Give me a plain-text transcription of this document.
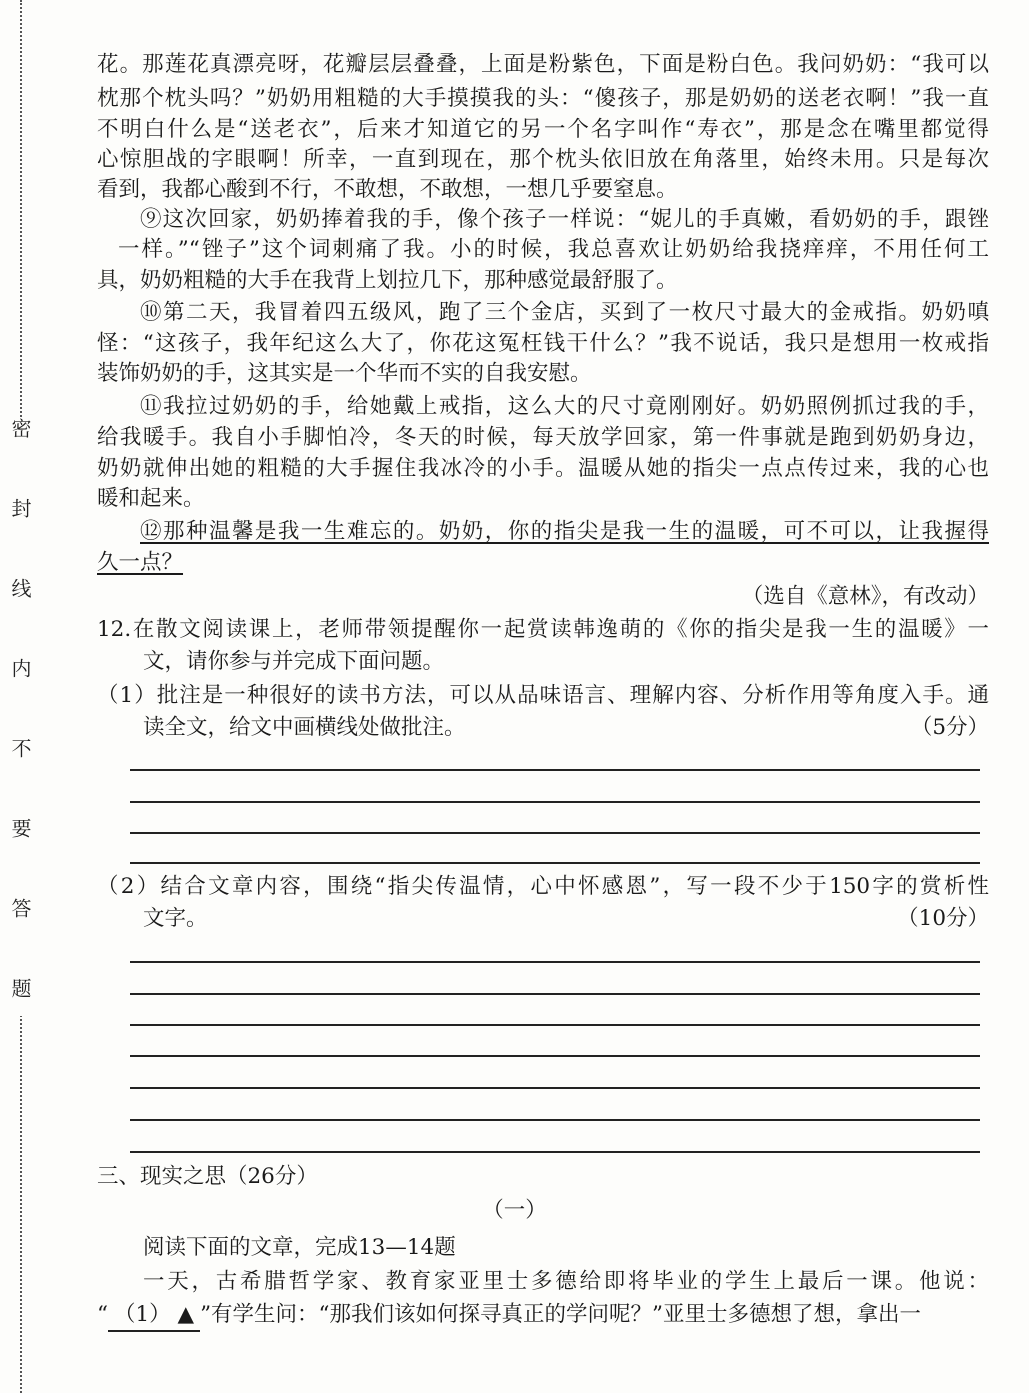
密 封 线 内 不 要 答 题
花。那莲花真漂亮呀，花瓣层层叠叠，上面是粉紫色，下面是粉白色。我问奶奶：“我可以
枕那个枕头吗？”奶奶用粗糙的大手摸摸我的头：“傻孩子，那是奶奶的送老衣啊！”我一直
不明白什么是“送老衣”，后来才知道它的另一个名字叫作“寿衣”，那是念在嘴里都觉得
心惊胆战的字眼啊！所幸，一直到现在，那个枕头依旧放在角落里，始终未用。只是每次
看到，我都心酸到不行，不敢想，不敢想，一想几乎要窒息。
⑨这次回家，奶奶捧着我的手，像个孩子一样说：“妮儿的手真嫩，看奶奶的手，跟锉
一样。”“锉子”这个词刺痛了我。小的时候，我总喜欢让奶奶给我挠痒痒，不用任何工
具，奶奶粗糙的大手在我背上划拉几下，那种感觉最舒服了。
⑩第二天，我冒着四五级风，跑了三个金店，买到了一枚尺寸最大的金戒指。奶奶嗔
怪：“这孩子，我年纪这么大了，你花这冤枉钱干什么？”我不说话，我只是想用一枚戒指
装饰奶奶的手，这其实是一个华而不实的自我安慰。
⑪我拉过奶奶的手，给她戴上戒指，这么大的尺寸竟刚刚好。奶奶照例抓过我的手，
给我暖手。我自小手脚怕冷，冬天的时候，每天放学回家，第一件事就是跑到奶奶身边，
奶奶就伸出她的粗糙的大手握住我冰冷的小手。温暖从她的指尖一点点传过来，我的心也
暖和起来。
⑫那种温馨是我一生难忘的。奶奶，你的指尖是我一生的温暖，可不可以，让我握得
久一点？
（选自《意林》，有改动）
12.在散文阅读课上，老师带领提醒你一起赏读韩逸萌的《你的指尖是我一生的温暖》一
文，请你参与并完成下面问题。
（1）批注是一种很好的读书方法，可以从品味语言、理解内容、分析作用等角度入手。通
读全文，给文中画横线处做批注。	（5分）
（2）结合文章内容，围绕“指尖传温情，心中怀感恩”，写一段不少于150字的赏析性
文字。	（10分）
三、现实之思（26分）
（一）
阅读下面的文章，完成13—14题
一天，古希腊哲学家、教育家亚里士多德给即将毕业的学生上最后一课。他说：
“ （1） ▲ ”有学生问：“那我们该如何探寻真正的学问呢？”亚里士多德想了想，拿出一
